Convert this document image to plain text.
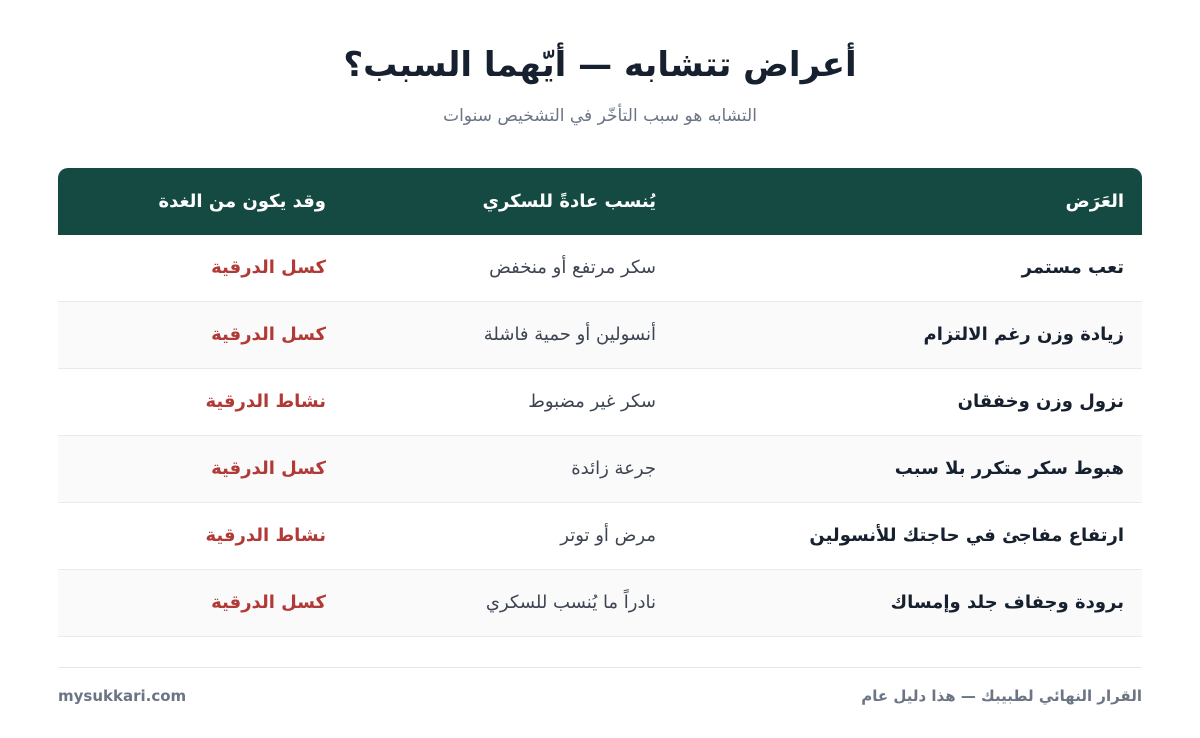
أعراض تتشابه — أيّهما السبب؟

التشابه هو سبب التأخّر في التشخيص سنوات

العَرَض
يُنسب عادةً للسكري
وقد يكون من الغدة
تعب مستمر
سكر مرتفع أو منخفض
كسل الدرقية
زيادة وزن رغم الالتزام
أنسولين أو حمية فاشلة
كسل الدرقية
نزول وزن وخفقان
سكر غير مضبوط
نشاط الدرقية
هبوط سكر متكرر بلا سبب
جرعة زائدة
كسل الدرقية
ارتفاع مفاجئ في حاجتك للأنسولين
مرض أو توتر
نشاط الدرقية
برودة وجفاف جلد وإمساك
نادراً ما يُنسب للسكري
كسل الدرقية
القرار النهائي لطبيبك — هذا دليل عام
mysukkari.com
